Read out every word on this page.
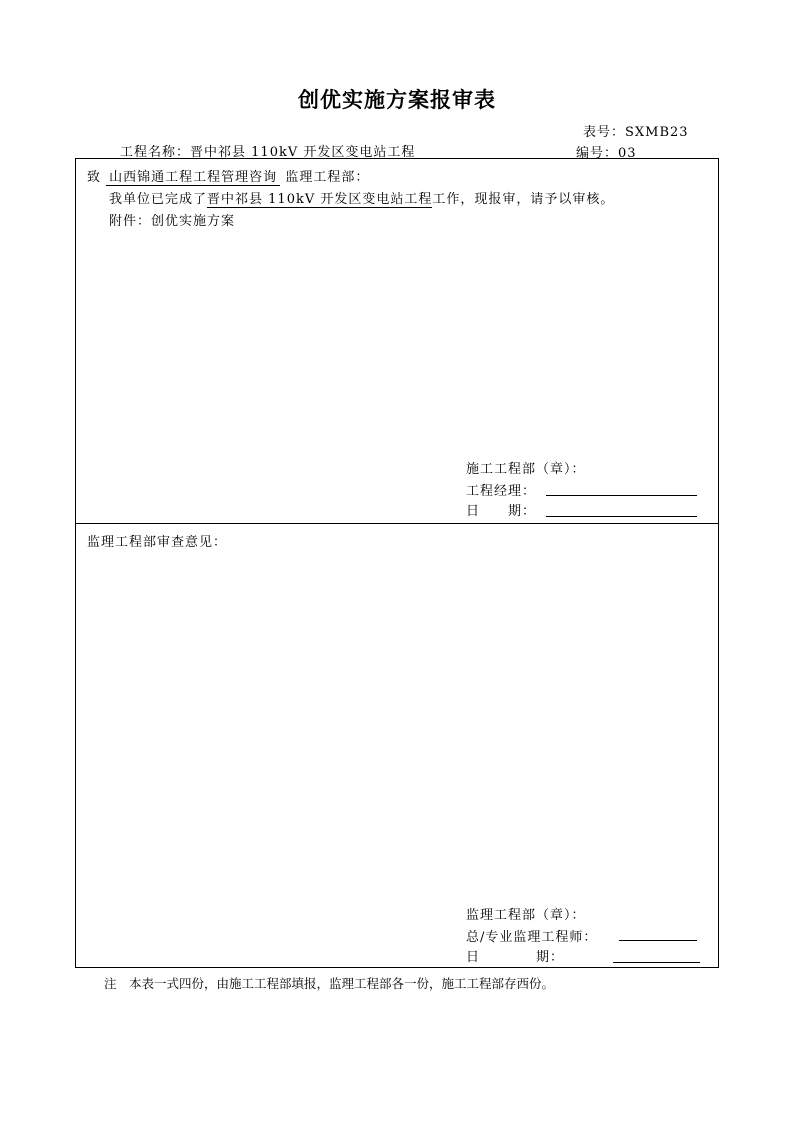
创优实施方案报审表
表号：SXMB23
工程名称：晋中祁县 110kV 开发区变电站工程	编号：03
致 山西锦通工程工程管理咨询 监理工程部：
我单位已完成了晋中祁县 110kV 开发区变电站工程工作，现报审，请予以审核。
附件：创优实施方案
施工工程部（章）：
工程经理：
日　　期：
监理工程部审查意见：
监理工程部（章）：
总/专业监理工程师：
日　　　　期：
注　本表一式四份，由施工工程部填报，监理工程部各一份，施工工程部存西份。
